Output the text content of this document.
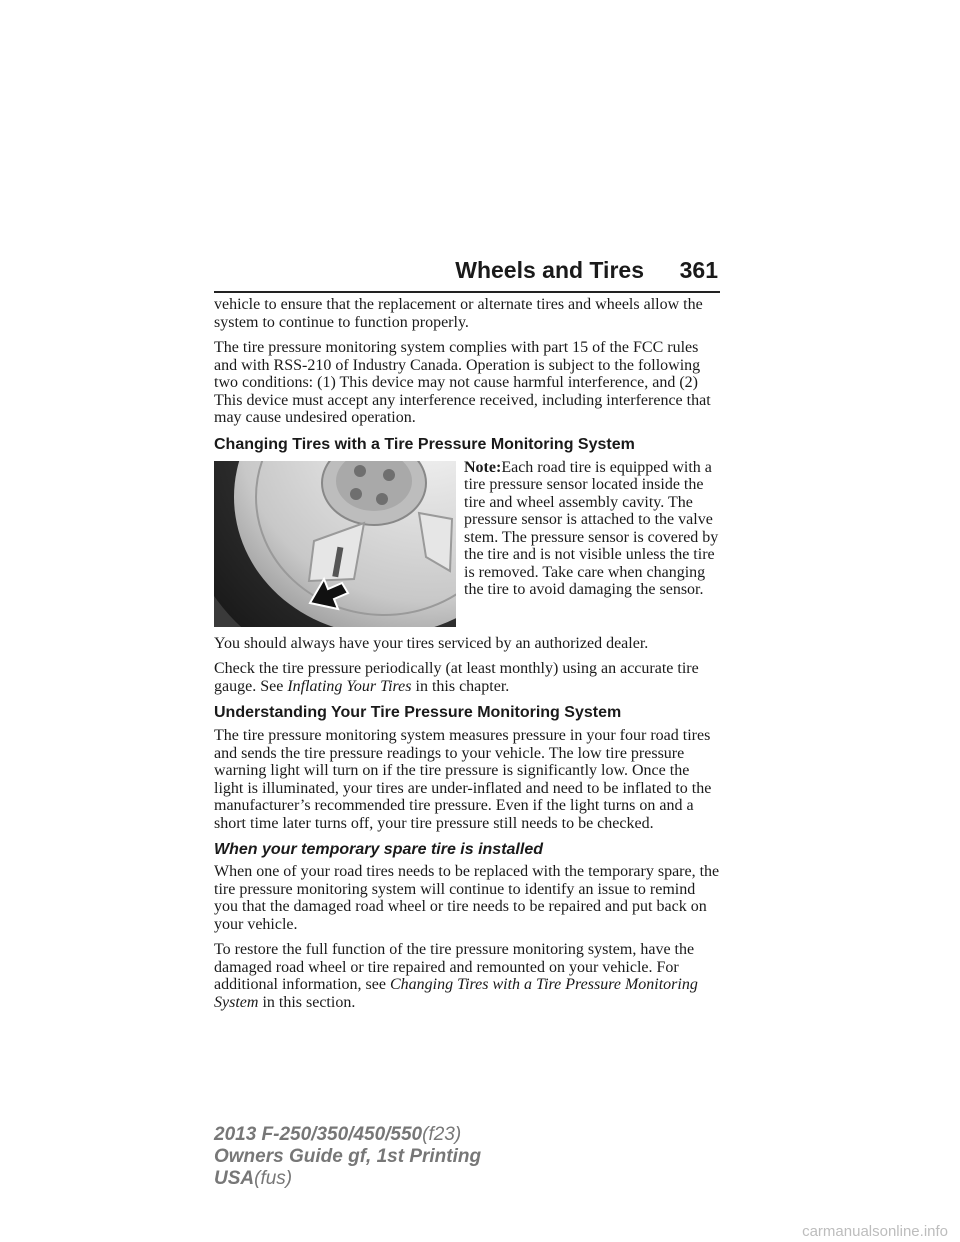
Wheels and Tires 361

vehicle to ensure that the replacement or alternate tires and wheels allow the system to continue to function properly.

The tire pressure monitoring system complies with part 15 of the FCC rules and with RSS-210 of Industry Canada. Operation is subject to the following two conditions: (1) This device may not cause harmful interference, and (2) This device must accept any interference received, including interference that may cause undesired operation.

Changing Tires with a Tire Pressure Monitoring System
Note:Each road tire is equipped with a tire pressure sensor located inside the tire and wheel assembly cavity. The pressure sensor is attached to the valve stem. The pressure sensor is covered by the tire and is not visible unless the tire is removed. Take care when changing the tire to avoid damaging the sensor.

You should always have your tires serviced by an authorized dealer.

Check the tire pressure periodically (at least monthly) using an accurate tire gauge. See Inflating Your Tires in this chapter.

Understanding Your Tire Pressure Monitoring System

The tire pressure monitoring system measures pressure in your four road tires and sends the tire pressure readings to your vehicle. The low tire pressure warning light will turn on if the tire pressure is significantly low. Once the light is illuminated, your tires are under-inflated and need to be inflated to the manufacturer’s recommended tire pressure. Even if the light turns on and a short time later turns off, your tire pressure still needs to be checked.

When your temporary spare tire is installed

When one of your road tires needs to be replaced with the temporary spare, the tire pressure monitoring system will continue to identify an issue to remind you that the damaged road wheel or tire needs to be repaired and put back on your vehicle.

To restore the full function of the tire pressure monitoring system, have the damaged road wheel or tire repaired and remounted on your vehicle. For additional information, see Changing Tires with a Tire Pressure Monitoring System in this section.

2013 F-250/350/450/550(f23)
Owners Guide gf, 1st Printing
USA(fus)
carmanualsonline.info
